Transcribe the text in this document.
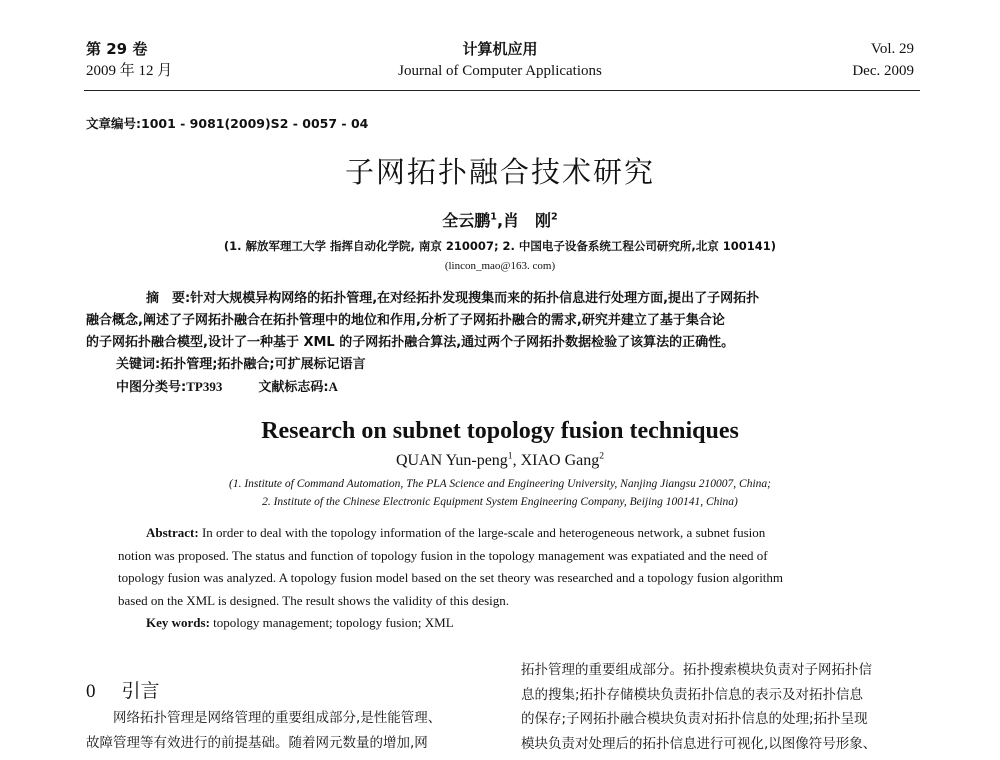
第 29 卷
2009 年 12 月
计算机应用
Journal of Computer Applications
Vol. 29
Dec. 2009
文章编号:1001 - 9081(2009)S2 - 0057 - 04
子网拓扑融合技术研究
全云鹏$^1$,肖　刚$^2$
(1. 解放军理工大学 指挥自动化学院, 南京 210007; 2. 中国电子设备系统工程公司研究所,北京 100141)
(lincon_mao@163. com)
摘　要:针对大规模异构网络的拓扑管理,在对经拓扑发现搜集而来的拓扑信息进行处理方面,提出了子网拓扑
融合概念,阐述了子网拓扑融合在拓扑管理中的地位和作用,分析了子网拓扑融合的需求,研究并建立了基于集合论
的子网拓扑融合模型,设计了一种基于 XML 的子网拓扑融合算法,通过两个子网拓扑数据检验了该算法的正确性。
关键词:拓扑管理;拓扑融合;可扩展标记语言
中图分类号:TP393	文献标志码:A
Research on subnet topology fusion techniques
QUAN Yun-peng$^1$, XIAO Gang$^2$
(1. Institute of Command Automation, The PLA Science and Engineering University, Nanjing Jiangsu 210007, China;
2. Institute of the Chinese Electronic Equipment System Engineering Company, Beijing 100141, China)
Abstract: In order to deal with the topology information of the large-scale and heterogeneous network, a subnet fusion
notion was proposed. The status and function of topology fusion in the topology management was expatiated and the need of
topology fusion was analyzed. A topology fusion model based on the set theory was researched and a topology fusion algorithm
based on the XML is designed. The result shows the validity of this design.
Key words: topology management; topology fusion; XML
0 引言
网络拓扑管理是网络管理的重要组成部分,是性能管理、
故障管理等有效进行的前提基础。随着网元数量的增加,网
拓扑管理的重要组成部分。拓扑搜索模块负责对子网拓扑信
息的搜集;拓扑存储模块负责拓扑信息的表示及对拓扑信息
的保存;子网拓扑融合模块负责对拓扑信息的处理;拓扑呈现
模块负责对处理后的拓扑信息进行可视化,以图像符号形象、
